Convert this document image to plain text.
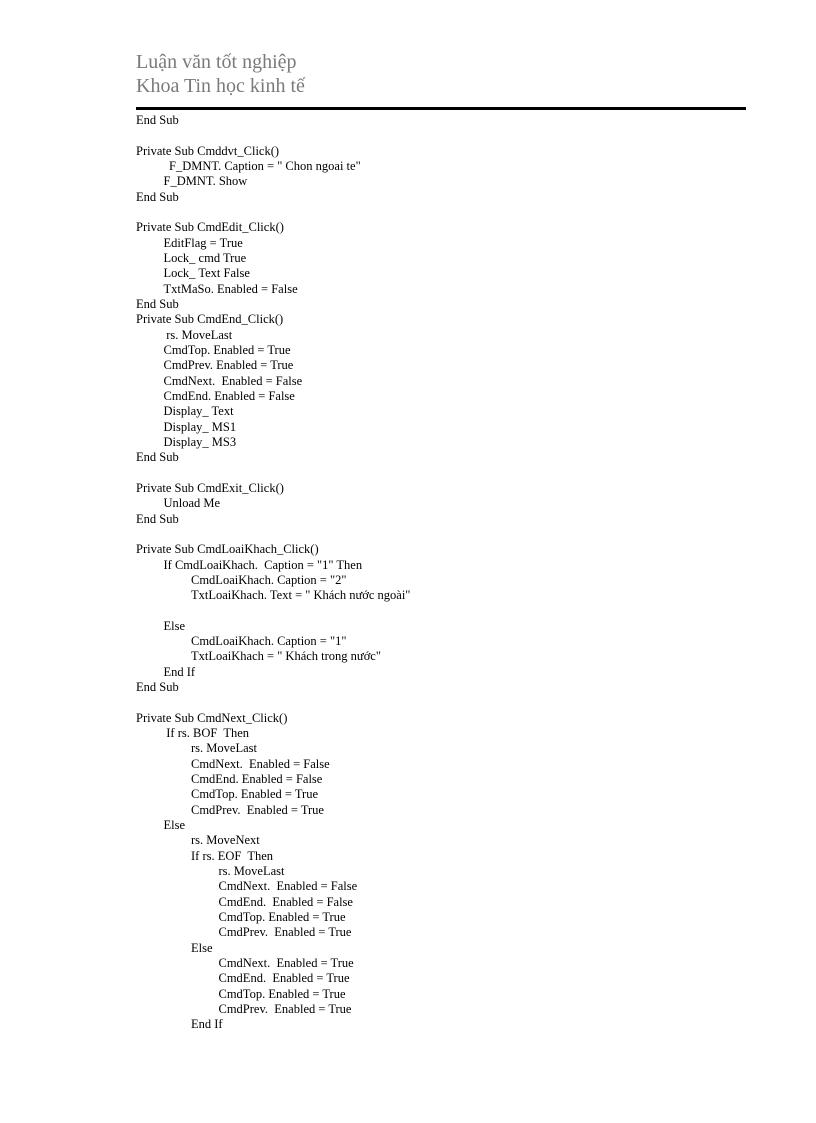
Luận văn tốt nghiệp
Khoa Tin học kinh tế
End Sub
Private Sub Cmddvt_Click()
F_DMNT. Caption = " Chon ngoai te"
F_DMNT. Show
End Sub
Private Sub CmdEdit_Click()
EditFlag = True
Lock_ cmd True
Lock_ Text False
TxtMaSo. Enabled = False
End Sub
Private Sub CmdEnd_Click()
rs. MoveLast
CmdTop. Enabled = True
CmdPrev. Enabled = True
CmdNext.  Enabled = False
CmdEnd. Enabled = False
Display_ Text
Display_ MS1
Display_ MS3
End Sub
Private Sub CmdExit_Click()
Unload Me
End Sub
Private Sub CmdLoaiKhach_Click()
If CmdLoaiKhach.  Caption = "1" Then
CmdLoaiKhach. Caption = "2"
TxtLoaiKhach. Text = " Khách nước ngoài"
Else
CmdLoaiKhach. Caption = "1"
TxtLoaiKhach = " Khách trong nước"
End If
End Sub
Private Sub CmdNext_Click()
If rs. BOF  Then
rs. MoveLast
CmdNext.  Enabled = False
CmdEnd. Enabled = False
CmdTop. Enabled = True
CmdPrev.  Enabled = True
Else
rs. MoveNext
If rs. EOF  Then
rs. MoveLast
CmdNext.  Enabled = False
CmdEnd.  Enabled = False
CmdTop. Enabled = True
CmdPrev.  Enabled = True
Else
CmdNext.  Enabled = True
CmdEnd.  Enabled = True
CmdTop. Enabled = True
CmdPrev.  Enabled = True
End If
